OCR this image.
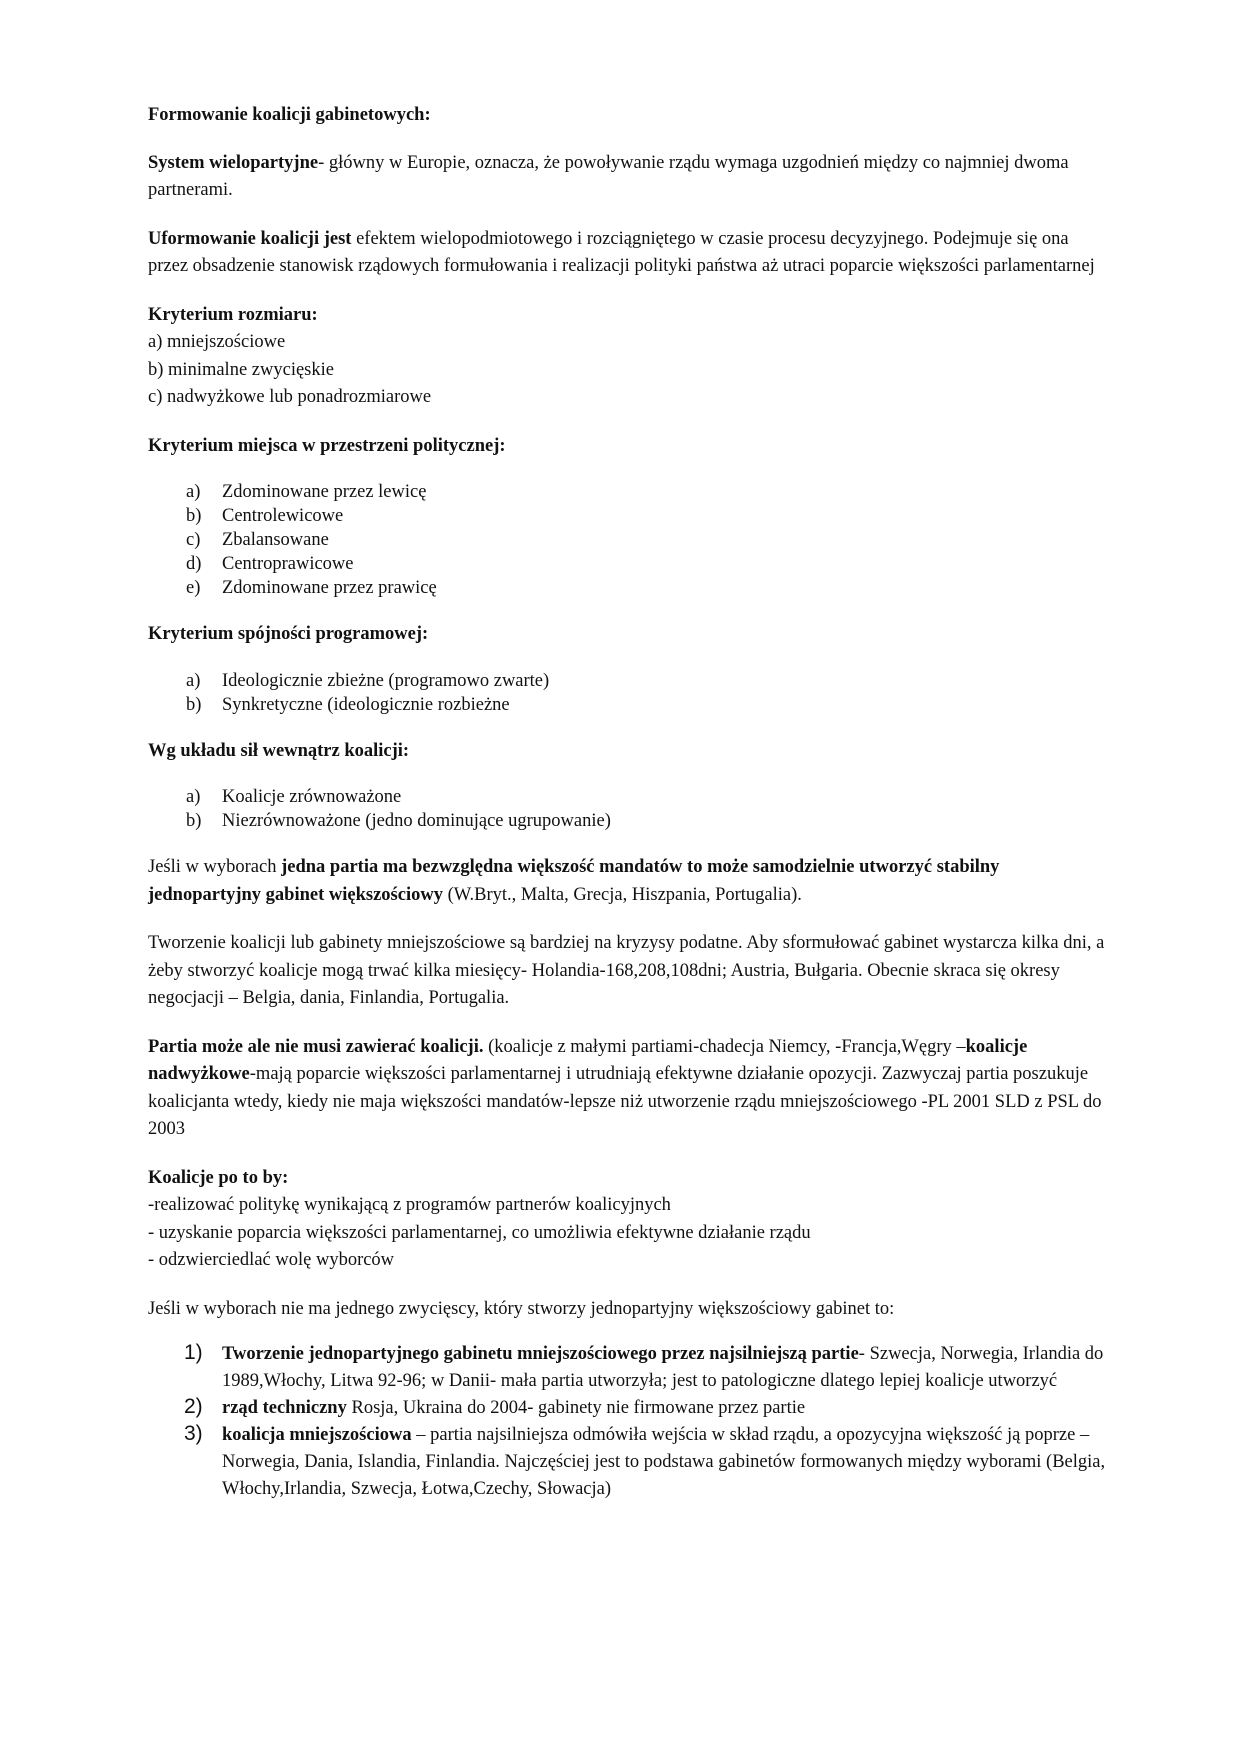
Formowanie koalicji gabinetowych:

System wielopartyjne- główny w Europie, oznacza, że powoływanie rządu wymaga uzgodnień między co najmniej dwoma partnerami.

Uformowanie koalicji jest efektem wielopodmiotowego i rozciągniętego w czasie procesu decyzyjnego. Podejmuje się ona przez obsadzenie stanowisk rządowych formułowania i realizacji polityki państwa aż utraci poparcie większości parlamentarnej

Kryterium rozmiaru:
a) mniejszościowe
b) minimalne zwycięskie
c) nadwyżkowe lub ponadrozmiarowe

Kryterium miejsca w przestrzeni politycznej:

a) Zdominowane przez lewicę
b) Centrolewicowe
c) Zbalansowane
d) Centroprawicowe
e) Zdominowane przez prawicę

Kryterium spójności programowej:

a) Ideologicznie zbieżne (programowo zwarte)
b) Synkretyczne (ideologicznie rozbieżne

Wg układu sił wewnątrz koalicji:

a) Koalicje zrównoważone
b) Niezrównoważone (jedno dominujące ugrupowanie)

Jeśli w wyborach jedna partia ma bezwzględna większość mandatów to może samodzielnie utworzyć stabilny jednopartyjny gabinet większościowy (W.Bryt., Malta, Grecja, Hiszpania, Portugalia).

Tworzenie koalicji lub gabinety mniejszościowe są bardziej na kryzysy podatne. Aby sformułować gabinet wystarcza kilka dni, a żeby stworzyć koalicje mogą trwać kilka miesięcy- Holandia-168,208,108dni; Austria, Bułgaria. Obecnie skraca się okresy negocjacji – Belgia, dania, Finlandia, Portugalia.

Partia może ale nie musi zawierać koalicji. (koalicje z małymi partiami-chadecja Niemcy, -Francja,Węgry –koalicje nadwyżkowe-mają poparcie większości parlamentarnej i utrudniają efektywne działanie opozycji. Zazwyczaj partia poszukuje koalicjanta wtedy, kiedy nie maja większości mandatów-lepsze niż utworzenie rządu mniejszościowego -PL 2001 SLD z PSL do 2003

Koalicje po to by:
-realizować politykę wynikającą z programów partnerów koalicyjnych
- uzyskanie poparcia większości parlamentarnej, co umożliwia efektywne działanie rządu
- odzwierciedlać wolę wyborców

Jeśli w wyborach nie ma jednego zwycięscy, który stworzy jednopartyjny większościowy gabinet to:

1) Tworzenie jednopartyjnego gabinetu mniejszościowego przez najsilniejszą partie- Szwecja, Norwegia, Irlandia do 1989,Włochy, Litwa 92-96; w Danii- mała partia utworzyła; jest to patologiczne dlatego lepiej koalicje utworzyć
2) rząd techniczny Rosja, Ukraina do 2004- gabinety nie firmowane przez partie
3) koalicja mniejszościowa – partia najsilniejsza odmówiła wejścia w skład rządu, a opozycyjna większość ją poprze – Norwegia, Dania, Islandia, Finlandia. Najczęściej jest to podstawa gabinetów formowanych między wyborami (Belgia, Włochy,Irlandia, Szwecja, Łotwa,Czechy, Słowacja)
